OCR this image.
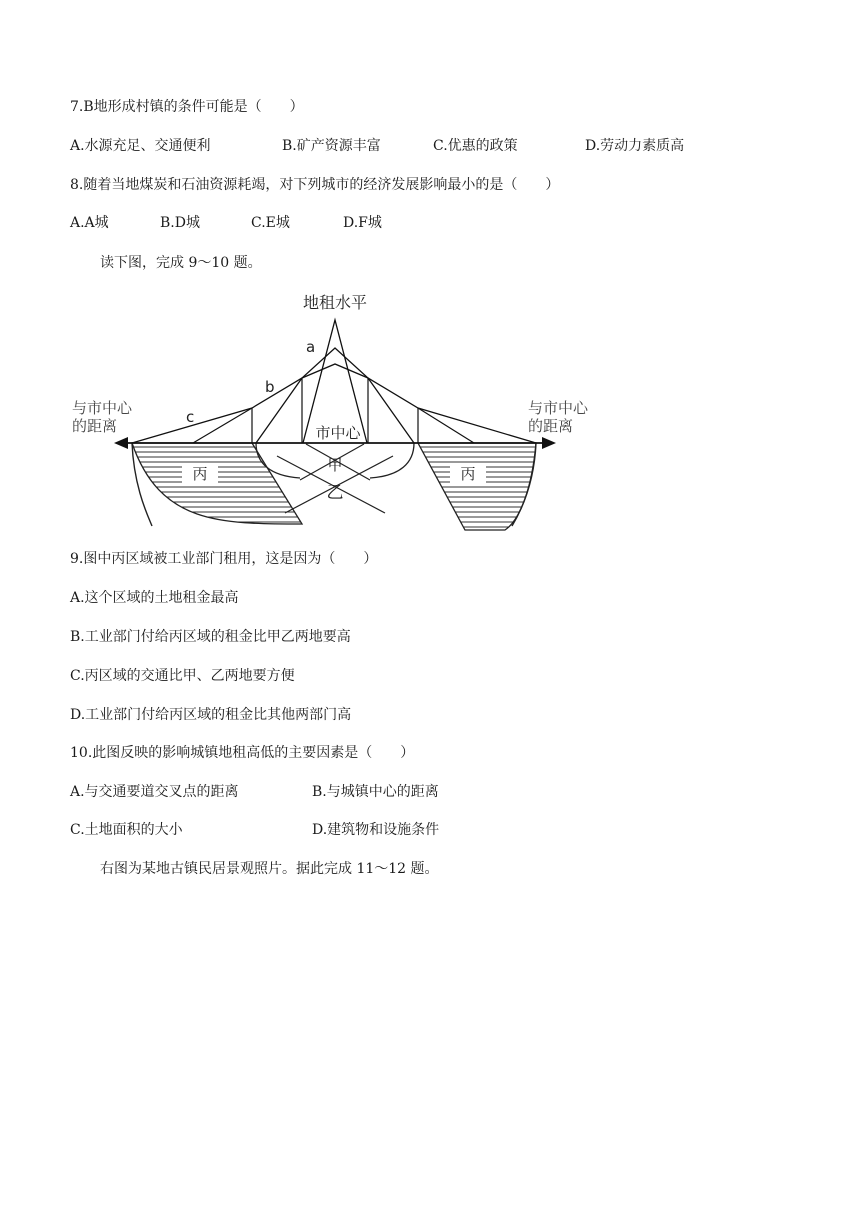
7.B地形成村镇的条件可能是（　　）
A.水源充足、交通便利	B.矿产资源丰富	C.优惠的政策	D.劳动力素质高
8.随着当地煤炭和石油资源耗竭，对下列城市的经济发展影响最小的是（　　）
A.A城	B.D城	C.E城	D.F城
读下图，完成 9～10 题。
地租水平
a
b
c
与市中心
的距离
与市中心
的距离
市中心
甲
乙
丙	丙
9.图中丙区域被工业部门租用，这是因为（　　）
A.这个区域的土地租金最高
B.工业部门付给丙区域的租金比甲乙两地要高
C.丙区域的交通比甲、乙两地要方便
D.工业部门付给丙区域的租金比其他两部门高
10.此图反映的影响城镇地租高低的主要因素是（　　）
A.与交通要道交叉点的距离	B.与城镇中心的距离
C.土地面积的大小	D.建筑物和设施条件
右图为某地古镇民居景观照片。据此完成 11～12 题。
